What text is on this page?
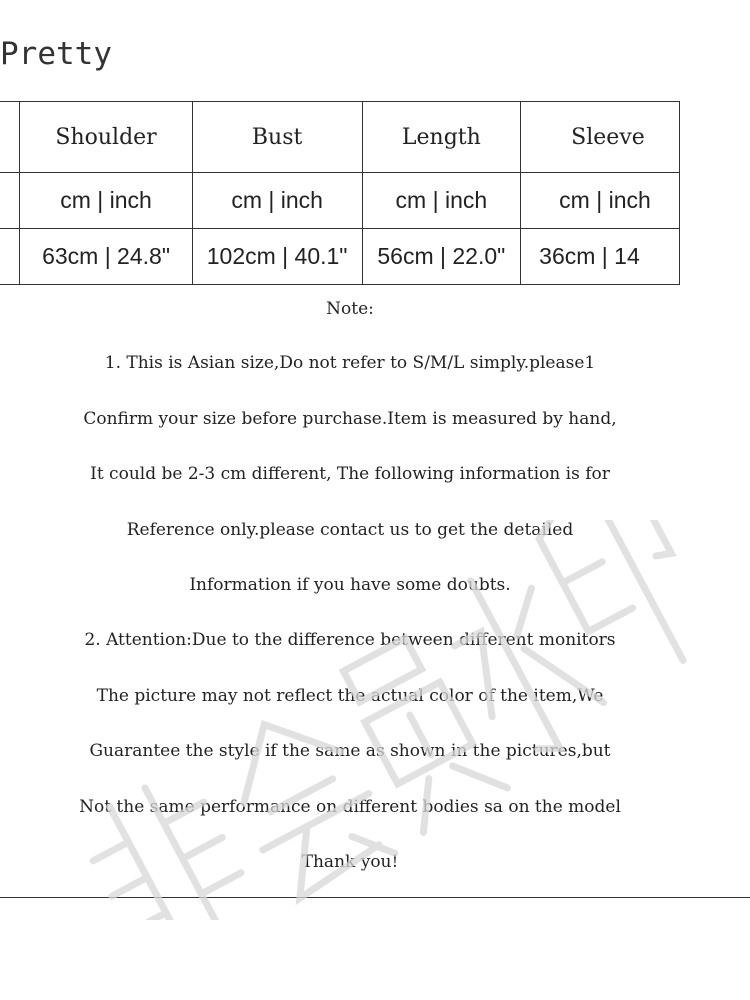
Pretty
	Shoulder	Bust	Length	Sleeve
	cm | inch	cm | inch	cm | inch	cm | inch
	63cm | 24.8"	102cm | 40.1"	56cm | 22.0"	36cm | 14
Note:
1. This is Asian size,Do not refer to S/M/L simply.please1
Confirm your size before purchase.Item is measured by hand,
It could be 2-3 cm different, The following information is for
Reference only.please contact us to get the detailed
Information if you have some doubts.
2. Attention:Due to the difference between different monitors
The picture may not reflect the actual color of the item,We
Guarantee the style if the same as shown in the pictures,but
Not the same performance on different bodies sa on the model
Thank you!
